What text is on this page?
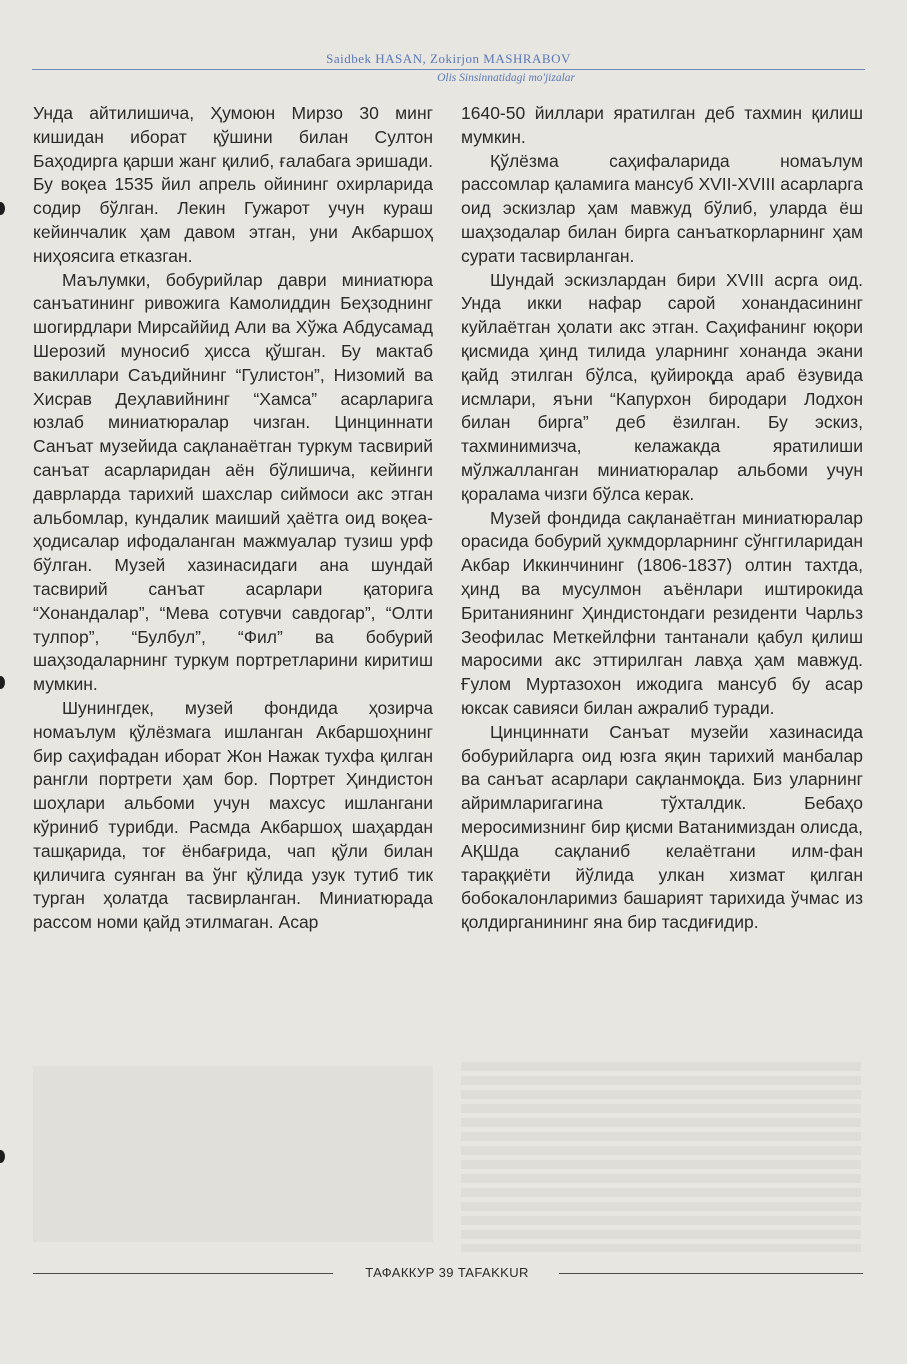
Saidbek HASAN, Zokirjon MASHRABOV
Olis Sinsinnatidagi mo'jizalar

Унда айтилишича, Ҳумоюн Мирзо 30 минг кишидан иборат қўшини билан Султон Баҳодирга қарши жанг қилиб, ғалабага эришади. Бу воқеа 1535 йил апрель ойининг охирларида содир бўлган. Лекин Гужарот учун кураш кейинчалик ҳам давом этган, уни Акбаршоҳ ниҳоясига етказган.

Маълумки, бобурийлар даври миниатюра санъатининг ривожига Камолиддин Беҳзоднинг шогирдлари Мирсаййид Али ва Хўжа Абдусамад Шерозий муносиб ҳисса қўшган. Бу мактаб вакиллари Саъдийнинг “Гулистон”, Низомий ва Хисрав Деҳлавийнинг “Хамса” асарларига юзлаб миниатюралар чизган. Цинциннати Санъат музейида сақланаётган туркум тасвирий санъат асарларидан аён бўлишича, кейинги даврларда тарихий шахслар сиймоси акс этган альбомлар, кундалик маиший ҳаётга оид воқеа-ҳодисалар ифодаланган мажмуалар тузиш урф бўлган. Музей хазинасидаги ана шундай тасвирий санъат асарлари қаторига “Хонандалар”, “Мева сотувчи савдогар”, “Олти тулпор”, “Булбул”, “Фил” ва бобурий шаҳзодаларнинг туркум портретларини киритиш мумкин.

Шунингдек, музей фондида ҳозирча номаълум қўлёзмага ишланган Акбаршоҳнинг бир саҳифадан иборат Жон Нажак тухфа қилган рангли портрети ҳам бор. Портрет Ҳиндистон шоҳлари альбоми учун махсус ишлангани кўриниб турибди. Расмда Акбаршоҳ шаҳардан ташқарида, тоғ ёнбағрида, чап қўли билан қиличига суянган ва ўнг қўлида узук тутиб тик турган ҳолатда тасвирланган. Миниатюрада рассом номи қайд этилмаган. Асар

1640-50 йиллари яратилган деб тахмин қилиш мумкин.

Қўлёзма саҳифаларида номаълум рассомлар қаламига мансуб XVII-XVIII асарларга оид эскизлар ҳам мавжуд бўлиб, уларда ёш шаҳзодалар билан бирга санъаткорларнинг ҳам сурати тасвирланган.

Шундай эскизлардан бири XVIII асрга оид. Унда икки нафар сарой хонандасининг куйлаётган ҳолати акс этган. Саҳифанинг юқори қисмида ҳинд тилида уларнинг хонанда экани қайд этилган бўлса, қуйироқда араб ёзувида исмлари, яъни “Капурхон биродари Лодхон билан бирга” деб ёзилган. Бу эскиз, тахминимизча, келажакда яратилиши мўлжалланган миниатюралар альбоми учун қоралама чизги бўлса керак.

Музей фондида сақланаётган миниатюралар орасида бобурий ҳукмдорларнинг сўнггиларидан Акбар Иккинчининг (1806-1837) олтин тахтда, ҳинд ва мусулмон аъёнлари иштирокида Британиянинг Ҳиндистондаги резиденти Чарльз Зеофилас Меткейлфни тантанали қабул қилиш маросими акс эттирилган лавҳа ҳам мавжуд. Ғулом Муртазохон ижодига мансуб бу асар юксак савияси билан ажралиб туради.

Цинциннати Санъат музейи хазинасида бобурийларга оид юзга яқин тарихий манбалар ва санъат асарлари сақланмоқда. Биз уларнинг айримларигагина тўхталдик. Бебаҳо меросимизнинг бир қисми Ватанимиздан олисда, АҚШда сақланиб келаётгани илм-фан тараққиёти йўлида улкан хизмат қилган бобокалонларимиз башарият тарихида ўчмас из қолдирганининг яна бир тасдиғидир.

ТАФАККУР 39 TAFAKKUR
